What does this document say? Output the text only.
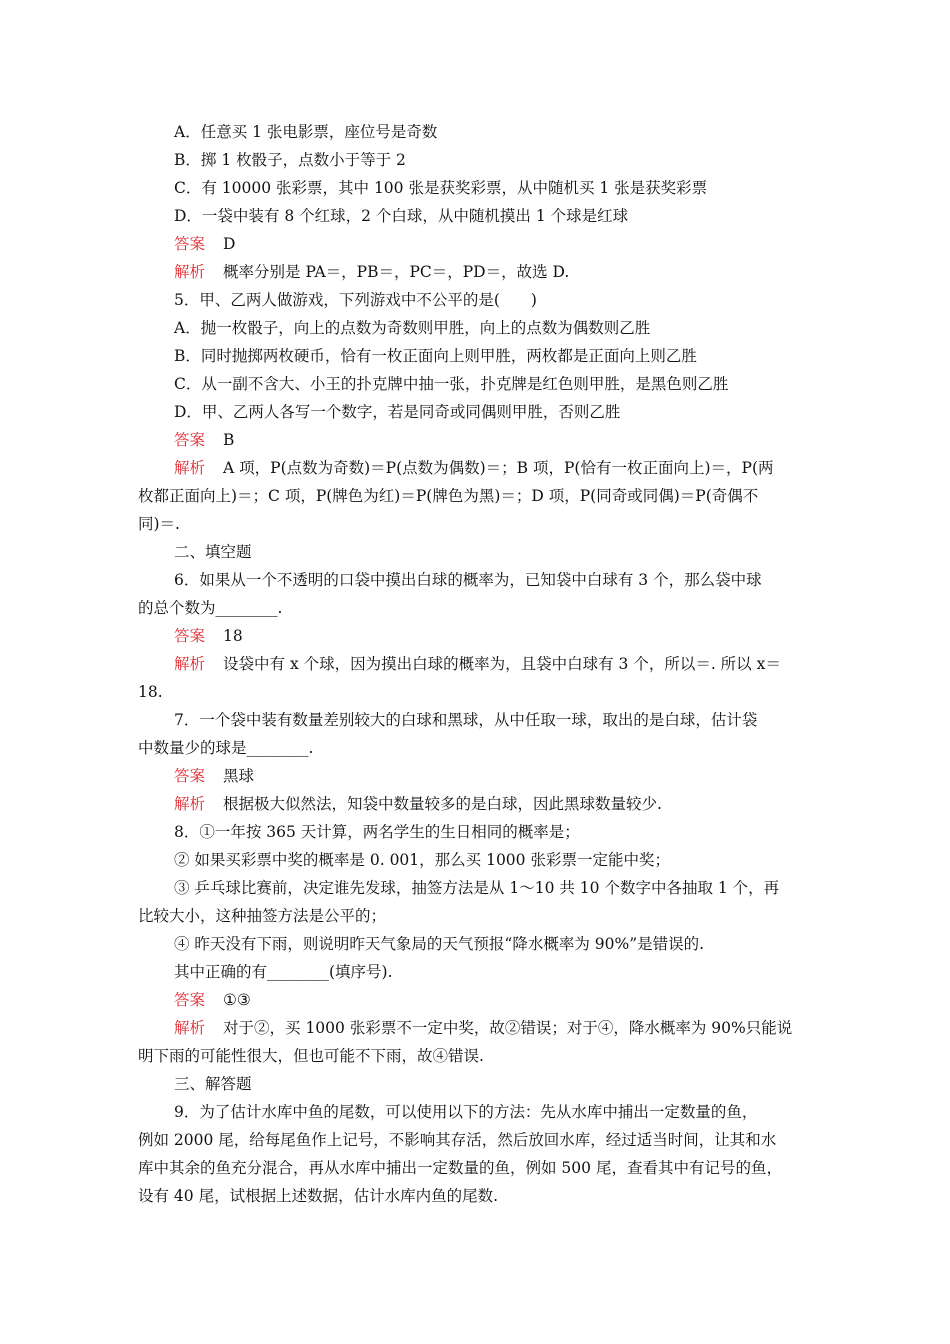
A．任意买 1 张电影票，座位号是奇数
B．掷 1 枚骰子，点数小于等于 2
C．有 10000 张彩票，其中 100 张是获奖彩票，从中随机买 1 张是获奖彩票
D．一袋中装有 8 个红球，2 个白球，从中随机摸出 1 个球是红球
答案 D
解析 概率分别是 PA＝，PB＝，PC＝，PD＝，故选 D.
5．甲、乙两人做游戏，下列游戏中不公平的是(　　)
A．抛一枚骰子，向上的点数为奇数则甲胜，向上的点数为偶数则乙胜
B．同时抛掷两枚硬币，恰有一枚正面向上则甲胜，两枚都是正面向上则乙胜
C．从一副不含大、小王的扑克牌中抽一张，扑克牌是红色则甲胜，是黑色则乙胜
D．甲、乙两人各写一个数字，若是同奇或同偶则甲胜，否则乙胜
答案 B
解析 A 项，P(点数为奇数)＝P(点数为偶数)＝；B 项，P(恰有一枚正面向上)＝，P(两
枚都正面向上)＝；C 项，P(牌色为红)＝P(牌色为黑)＝；D 项，P(同奇或同偶)＝P(奇偶不
同)＝.
二、填空题
6．如果从一个不透明的口袋中摸出白球的概率为，已知袋中白球有 3 个，那么袋中球
的总个数为________.
答案 18
解析 设袋中有 x 个球，因为摸出白球的概率为，且袋中白球有 3 个，所以＝. 所以 x＝
18.
7．一个袋中装有数量差别较大的白球和黑球，从中任取一球，取出的是白球，估计袋
中数量少的球是________.
答案 黑球
解析 根据极大似然法，知袋中数量较多的是白球，因此黑球数量较少.
8．①一年按 365 天计算，两名学生的生日相同的概率是；
② 如果买彩票中奖的概率是 0. 001，那么买 1000 张彩票一定能中奖；
③ 乒乓球比赛前，决定谁先发球，抽签方法是从 1～10 共 10 个数字中各抽取 1 个，再
比较大小，这种抽签方法是公平的；
④ 昨天没有下雨，则说明昨天气象局的天气预报“降水概率为 90%”是错误的.
其中正确的有________(填序号).
答案 ①③
解析 对于②，买 1000 张彩票不一定中奖，故②错误；对于④，降水概率为 90%只能说
明下雨的可能性很大，但也可能不下雨，故④错误.
三、解答题
9．为了估计水库中鱼的尾数，可以使用以下的方法：先从水库中捕出一定数量的鱼，
例如 2000 尾，给每尾鱼作上记号，不影响其存活，然后放回水库，经过适当时间，让其和水
库中其余的鱼充分混合，再从水库中捕出一定数量的鱼，例如 500 尾，查看其中有记号的鱼，
设有 40 尾，试根据上述数据，估计水库内鱼的尾数.
